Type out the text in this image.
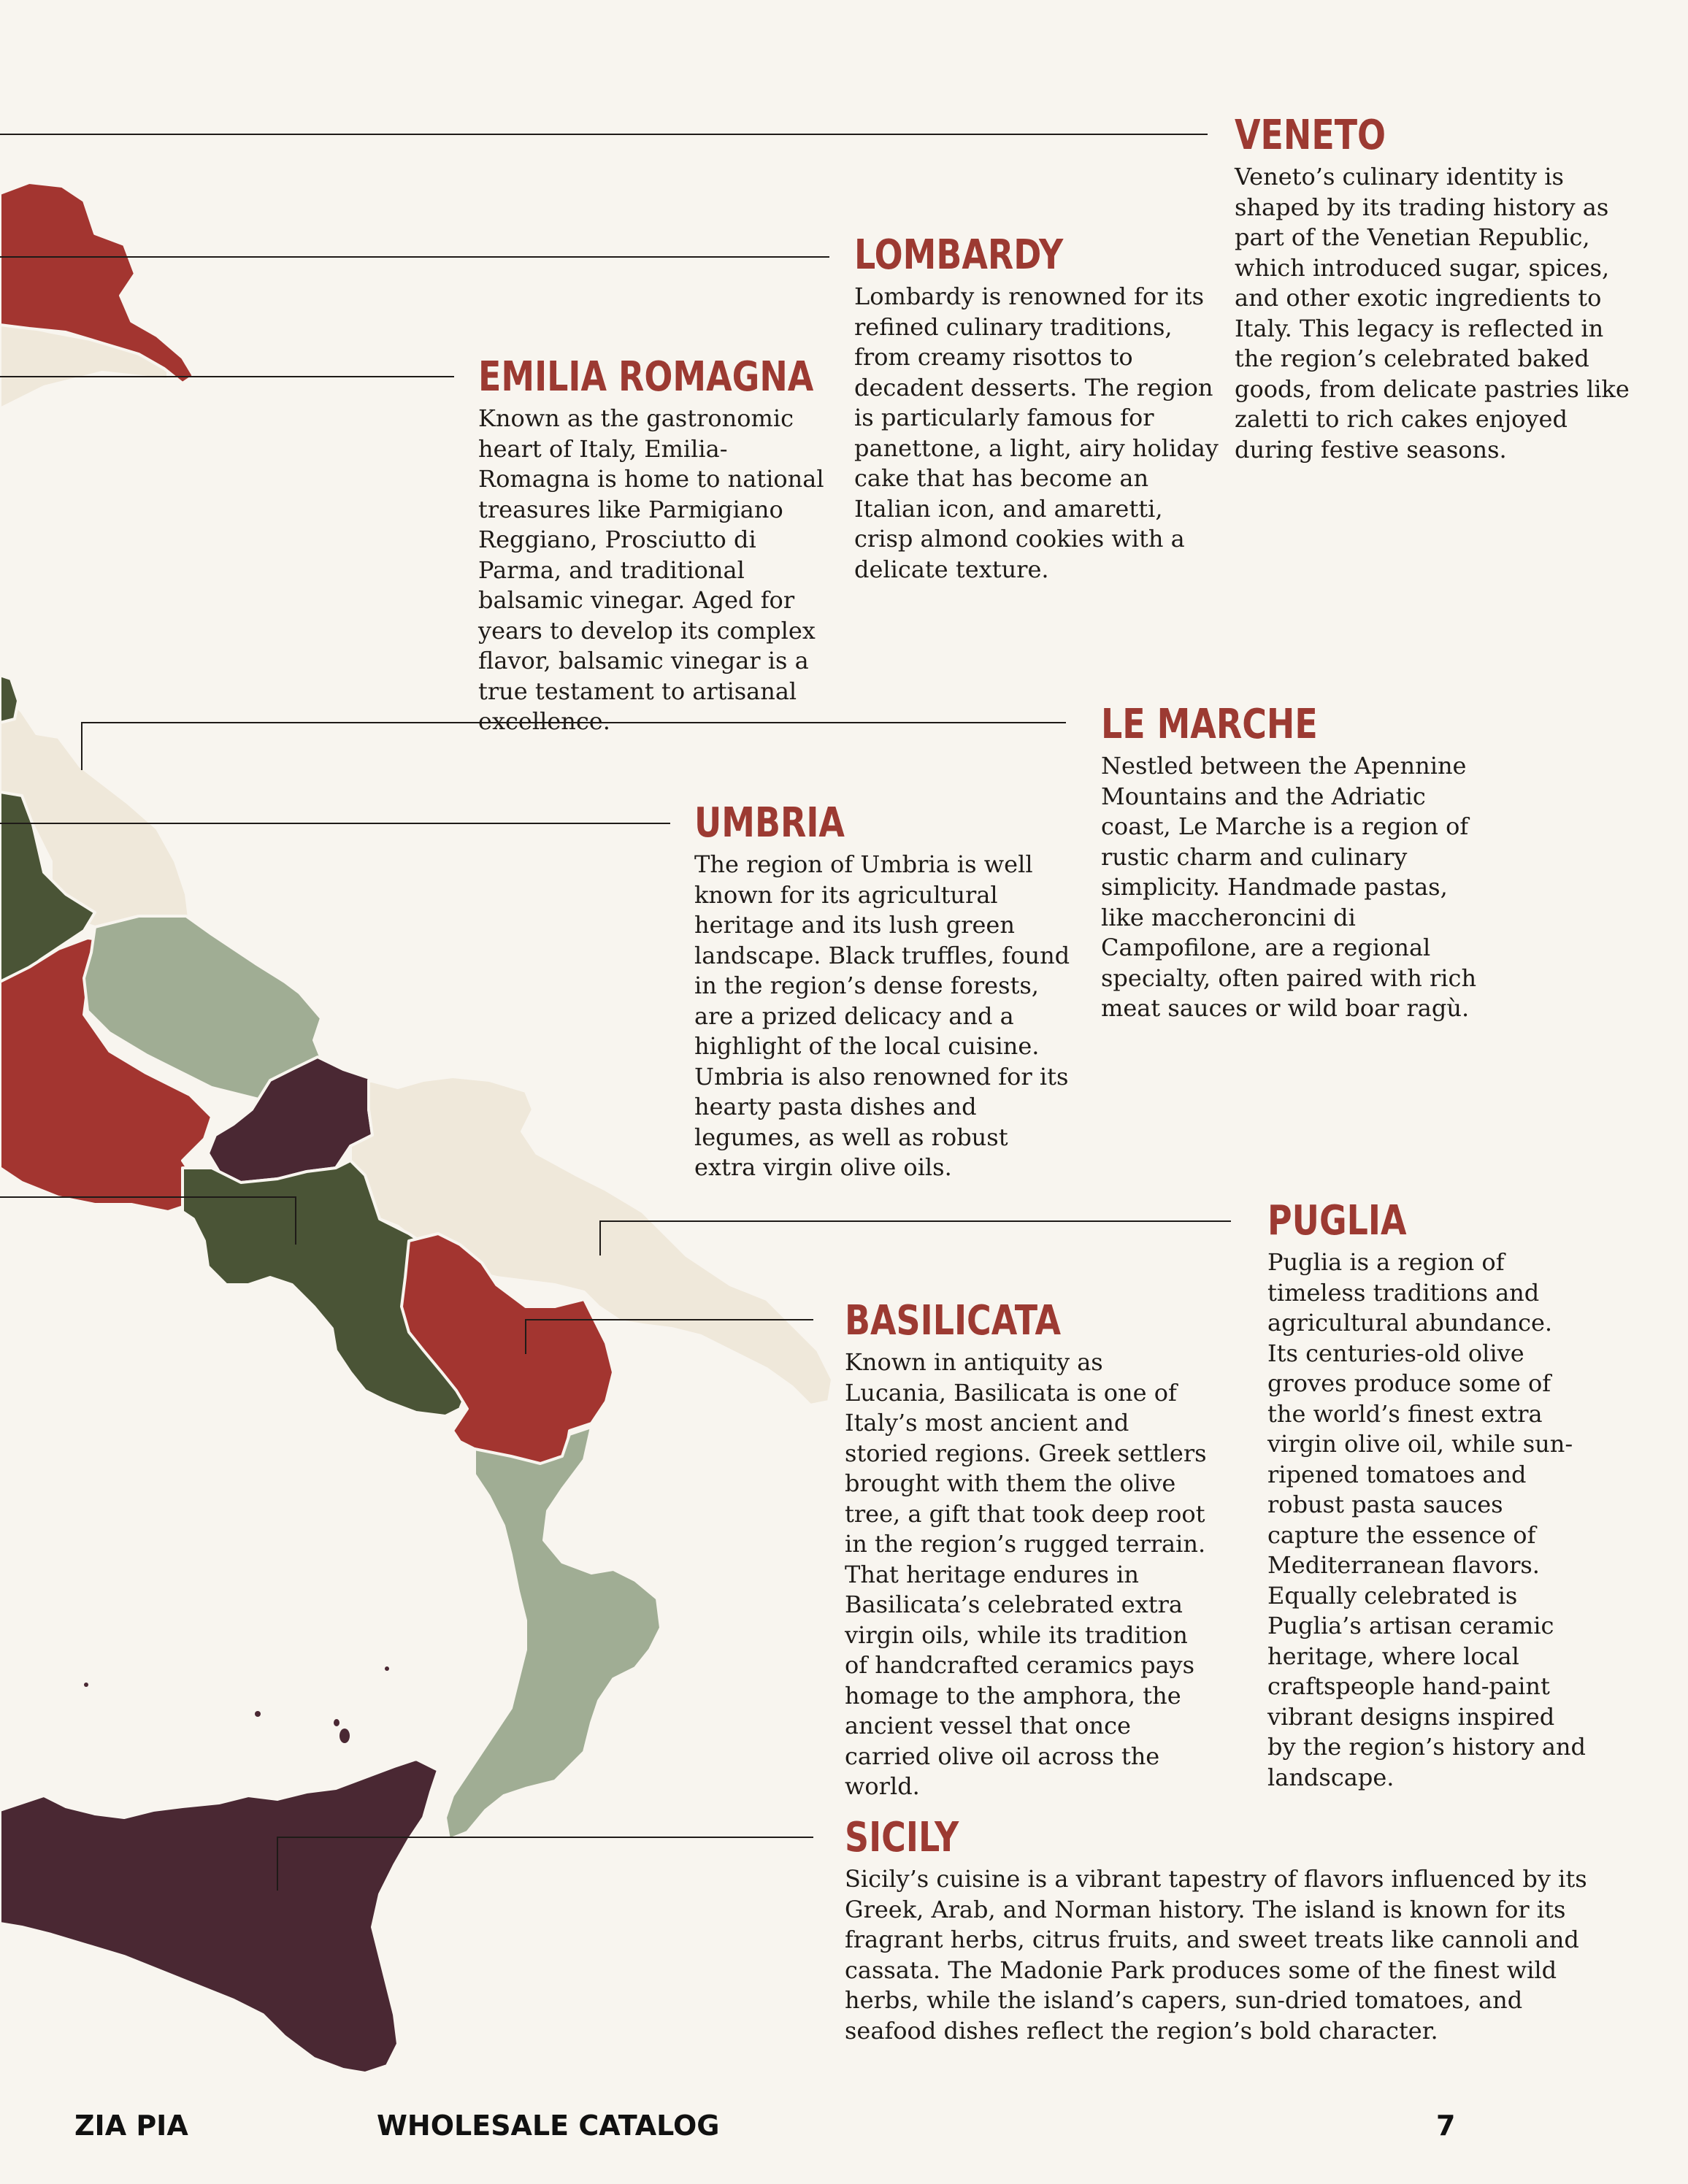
VENETO

Veneto’s culinary identity is shaped by its trading history as part of the Venetian Republic, which introduced sugar, spices, and other exotic ingredients to Italy. This legacy is reflected in the region’s celebrated baked goods, from delicate pastries like zaletti to rich cakes enjoyed during festive seasons.

LOMBARDY

Lombardy is renowned for its refined culinary traditions, from creamy risottos to decadent desserts. The region is particularly famous for panettone, a light, airy holiday cake that has become an Italian icon, and amaretti, crisp almond cookies with a delicate texture.

EMILIA ROMAGNA

Known as the gastronomic heart of Italy, Emilia-Romagna is home to national treasures like Parmigiano Reggiano, Prosciutto di Parma, and traditional balsamic vinegar. Aged for years to develop its complex flavor, balsamic vinegar is a true testament to artisanal excellence.	LE MARCHE

Nestled between the Apennine Mountains and the Adriatic coast, Le Marche is a region of rustic charm and culinary simplicity. Handmade pastas, like maccheroncini di Campofilone, are a regional specialty, often paired with rich meat sauces or wild boar ragù.

UMBRIA

The region of Umbria is well known for its agricultural heritage and its lush green landscape. Black truffles, found in the region’s dense forests, are a prized delicacy and a highlight of the local cuisine. Umbria is also renowned for its hearty pasta dishes and legumes, as well as robust extra virgin olive oils.

PUGLIA

Puglia is a region of timeless traditions and agricultural abundance. Its centuries-old olive groves produce some of the world’s finest extra virgin olive oil, while sun-ripened tomatoes and robust pasta sauces capture the essence of Mediterranean flavors. Equally celebrated is Puglia’s artisan ceramic heritage, where local craftspeople hand-paint vibrant designs inspired by the region’s history and landscape.

BASILICATA

Known in antiquity as Lucania, Basilicata is one of Italy’s most ancient and storied regions. Greek settlers brought with them the olive tree, a gift that took deep root in the region’s rugged terrain. That heritage endures in Basilicata’s celebrated extra virgin oils, while its tradition of handcrafted ceramics pays homage to the amphora, the ancient vessel that once carried olive oil across the world.

SICILY

Sicily’s cuisine is a vibrant tapestry of flavors influenced by its Greek, Arab, and Norman history. The island is known for its fragrant herbs, citrus fruits, and sweet treats like cannoli and cassata. The Madonie Park produces some of the finest wild herbs, while the island’s capers, sun-dried tomatoes, and seafood dishes reflect the region’s bold character.

ZIA PIA	WHOLESALE CATALOG	7
